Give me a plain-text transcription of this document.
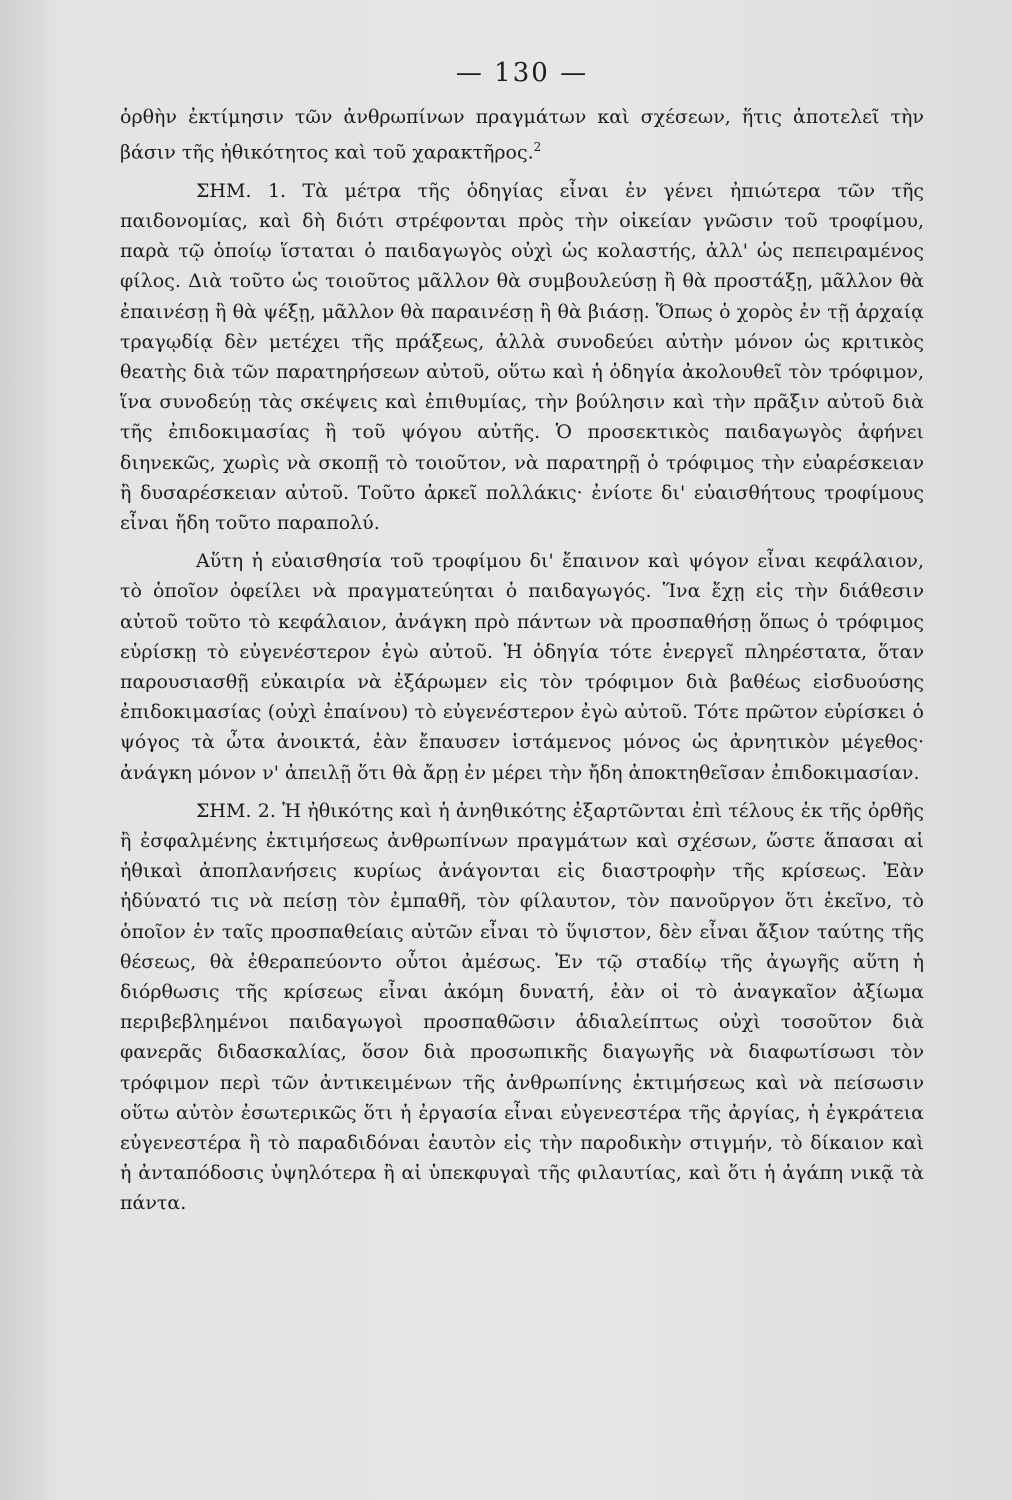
— 130 —

ὀρθὴν ἐκτίμησιν τῶν ἀνθρωπίνων πραγμάτων καὶ σχέσεων, ἥτις ἀποτελεῖ τὴν βάσιν τῆς ἠθικότητος καὶ τοῦ χαρακτῆρος.$^2$

ΣΗΜ. 1. Τὰ μέτρα τῆς ὁδηγίας εἶναι ἐν γένει ἠπιώτερα τῶν τῆς παιδονομίας, καὶ δὴ διότι στρέφονται πρὸς τὴν οἰκείαν γνῶσιν τοῦ τροφίμου, παρὰ τῷ ὁποίῳ ἵσταται ὁ παιδαγωγὸς οὐχὶ ὡς κολαστής, ἀλλ' ὡς πεπειραμένος φίλος. Διὰ τοῦτο ὡς τοιοῦτος μᾶλλον θὰ συμβουλεύσῃ ἢ θὰ προστάξῃ, μᾶλλον θὰ ἐπαινέσῃ ἢ θὰ ψέξῃ, μᾶλλον θὰ παραινέσῃ ἢ θὰ βιάσῃ. Ὅπως ὁ χορὸς ἐν τῇ ἀρχαίᾳ τραγῳδίᾳ δὲν μετέχει τῆς πράξεως, ἀλλὰ συνοδεύει αὐτὴν μόνον ὡς κριτικὸς θεατὴς διὰ τῶν παρατηρήσεων αὐτοῦ, οὕτω καὶ ἡ ὁδηγία ἀκολουθεῖ τὸν τρόφιμον, ἵνα συνοδεύῃ τὰς σκέψεις καὶ ἐπιθυμίας, τὴν βούλησιν καὶ τὴν πρᾶξιν αὐτοῦ διὰ τῆς ἐπιδοκιμασίας ἢ τοῦ ψόγου αὐτῆς. Ὁ προσεκτικὸς παιδαγωγὸς ἀφήνει διηνεκῶς, χωρὶς νὰ σκοπῇ τὸ τοιοῦτον, νὰ παρατηρῇ ὁ τρόφιμος τὴν εὐαρέσκειαν ἢ δυσαρέσκειαν αὐτοῦ. Τοῦτο ἀρκεῖ πολλάκις· ἐνίοτε δι' εὐαισθήτους τροφίμους εἶναι ἤδη τοῦτο παραπολύ.

Αὕτη ἡ εὐαισθησία τοῦ τροφίμου δι' ἔπαινον καὶ ψόγον εἶναι κεφάλαιον, τὸ ὁποῖον ὀφείλει νὰ πραγματεύηται ὁ παιδαγωγός. Ἵνα ἔχῃ εἰς τὴν διάθεσιν αὐτοῦ τοῦτο τὸ κεφάλαιον, ἀνάγκη πρὸ πάντων νὰ προσπαθήσῃ ὅπως ὁ τρόφιμος εὑρίσκῃ τὸ εὐγενέστερον ἐγὼ αὐτοῦ. Ἡ ὁδηγία τότε ἐνεργεῖ πληρέστατα, ὅταν παρουσιασθῇ εὐκαιρία νὰ ἐξάρωμεν εἰς τὸν τρόφιμον διὰ βαθέως εἰσδυούσης ἐπιδοκιμασίας (οὐχὶ ἐπαίνου) τὸ εὐγενέστερον ἐγὼ αὐτοῦ. Τότε πρῶτον εὑρίσκει ὁ ψόγος τὰ ὦτα ἀνοικτά, ἐὰν ἔπαυσεν ἱστάμενος μόνος ὡς ἀρνητικὸν μέγεθος· ἀνάγκη μόνον ν' ἀπειλῇ ὅτι θὰ ἄρῃ ἐν μέρει τὴν ἤδη ἀποκτηθεῖσαν ἐπιδοκιμασίαν.

ΣΗΜ. 2. Ἡ ἠθικότης καὶ ἡ ἀνηθικότης ἐξαρτῶνται ἐπὶ τέλους ἐκ τῆς ὀρθῆς ἢ ἐσφαλμένης ἐκτιμήσεως ἀνθρωπίνων πραγμάτων καὶ σχέσων, ὥστε ἅπασαι αἱ ἠθικαὶ ἀποπλανήσεις κυρίως ἀνάγονται εἰς διαστροφὴν τῆς κρίσεως. Ἐὰν ἠδύνατό τις νὰ πείσῃ τὸν ἐμπαθῆ, τὸν φίλαυτον, τὸν πανοῦργον ὅτι ἐκεῖνο, τὸ ὁποῖον ἐν ταῖς προσπαθείαις αὐτῶν εἶναι τὸ ὕψιστον, δὲν εἶναι ἄξιον ταύτης τῆς θέσεως, θὰ ἐθεραπεύοντο οὗτοι ἀμέσως. Ἐν τῷ σταδίῳ τῆς ἀγωγῆς αὕτη ἡ διόρθωσις τῆς κρίσεως εἶναι ἀκόμη δυνατή, ἐὰν οἱ τὸ ἀναγκαῖον ἀξίωμα περιβεβλημένοι παιδαγωγοὶ προσπαθῶσιν ἀδιαλείπτως οὐχὶ τοσοῦτον διὰ φανερᾶς διδασκαλίας, ὅσον διὰ προσωπικῆς διαγωγῆς νὰ διαφωτίσωσι τὸν τρόφιμον περὶ τῶν ἀντικειμένων τῆς ἀνθρωπίνης ἐκτιμήσεως καὶ νὰ πείσωσιν οὕτω αὐτὸν ἐσωτερικῶς ὅτι ἡ ἐργασία εἶναι εὐγενεστέρα τῆς ἀργίας, ἡ ἐγκράτεια εὐγενεστέρα ἢ τὸ παραδιδόναι ἑαυτὸν εἰς τὴν παροδικὴν στιγμήν, τὸ δίκαιον καὶ ἡ ἀνταπόδοσις ὑψηλότερα ἢ αἱ ὑπεκφυγαὶ τῆς φιλαυτίας, καὶ ὅτι ἡ ἀγάπη νικᾷ τὰ πάντα.
